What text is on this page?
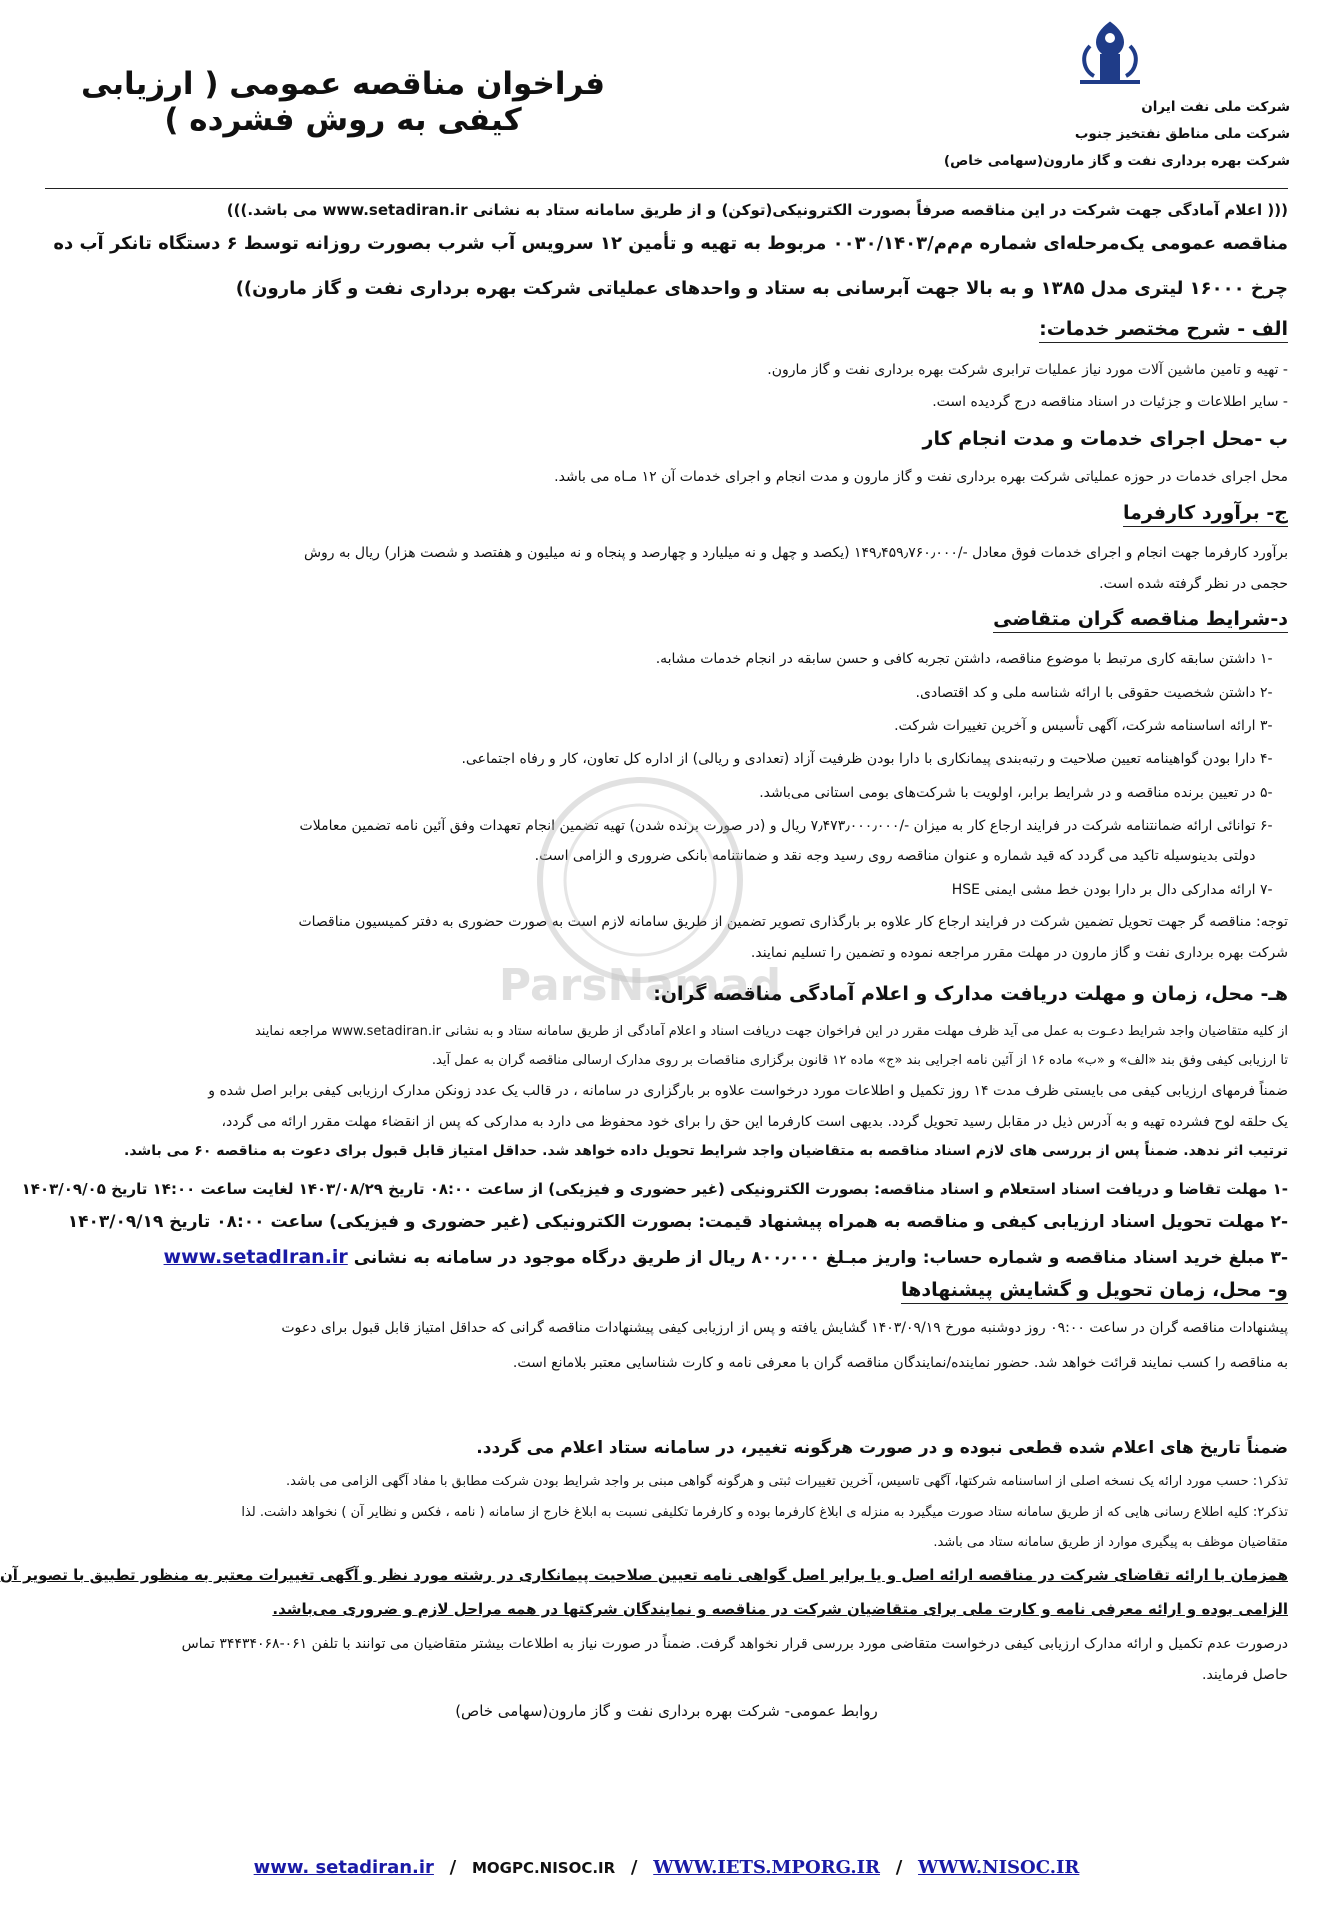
فراخوان مناقصه عمومی ( ارزیابی کیفی به روش فشرده )	شرکت ملی نفت ایران
شرکت ملی مناطق نفتخیز جنوب
شرکت بهره برداری نفت و گاز مارون(سهامی خاص)
((( اعلام آمادگی جهت شرکت در این مناقصه صرفاً بصورت الکترونیکی(توکن) و از طریق سامانه ستاد به نشانی www.setadiran.ir می باشد.)))
مناقصه عمومی یک‌مرحله‌ای شماره م‌م‌م/۰۰۳۰/۱۴۰۳ مربوط به تهیه و تأمین ۱۲ سرویس آب شرب بصورت روزانه توسط ۶ دستگاه تانکر آب ده
چرخ ۱۶۰۰۰ لیتری مدل ۱۳۸۵ و به بالا جهت آبرسانی به ستاد و واحدهای عملیاتی شرکت بهره برداری نفت و گاز مارون))
الف - شرح مختصر خدمات:
- تهیه و تامین ماشین آلات مورد نیاز عملیات ترابری شرکت بهره برداری نفت و گاز مارون.
- سایر اطلاعات و جزئیات در اسناد مناقصه درج گردیده است.
ب -محل اجرای خدمات و مدت انجام کار
محل اجرای خدمات در حوزه عملیاتی شرکت بهره برداری نفت و گاز مارون و مدت انجام و اجرای خدمات آن ۱۲ مـاه می باشد.
ج- برآورد کارفرما
برآورد کارفرما جهت انجام و اجرای خدمات فوق معادل -/۱۴۹٫۴۵۹٫۷۶۰٫۰۰۰ (یکصد و چهل و نه میلیارد و چهارصد و پنجاه و نه میلیون و هفتصد و شصت هزار) ریال به روش
حجمی در نظر گرفته شده است.
د-شرایط مناقصه گران متقاضی
-۱ داشتن سابقه کاری مرتبط با موضوع مناقصه، داشتن تجربه کافی و حسن سابقه در انجام خدمات مشابه.
-۲ داشتن شخصیت حقوقی با ارائه شناسه ملی و کد اقتصادی.
-۳ ارائه اساسنامه شرکت، آگهی تأسیس و آخرین تغییرات شرکت.
-۴ دارا بودن گواهینامه تعیین صلاحیت و رتبه‌بندی پیمانکاری با دارا بودن ظرفیت آزاد (تعدادی و ریالی) از اداره کل تعاون، کار و رفاه اجتماعی.
-۵ در تعیین برنده مناقصه و در شرایط برابر، اولویت با شرکت‌های بومی استانی می‌باشد.
-۶ توانائی ارائه ضمانتنامه شرکت در فرایند ارجاع کار به میزان -/۷٫۴۷۳٫۰۰۰٫۰۰۰ ریال و (در صورت برنده شدن) تهیه تضمین انجام تعهدات وفق آئین نامه تضمین معاملات
دولتی بدینوسیله تاکید می گردد که قید شماره و عنوان مناقصه روی رسید وجه نقد و ضمانتنامه بانکی ضروری و الزامی است.
-۷ ارائه مدارکی دال بر دارا بودن خط مشی ایمنی HSE
توجه: مناقصه گر جهت تحویل تضمین شرکت در فرایند ارجاع کار علاوه بر بارگذاری تصویر تضمین از طریق سامانه لازم است به صورت حضوری به دفتر کمیسیون مناقصات
شرکت بهره برداری نفت و گاز مارون در مهلت مقرر مراجعه نموده و تضمین را تسلیم نمایند.
ParsNamad
هـ- محل، زمان و مهلت دریافت مدارک و اعلام آمادگی مناقصه گران:
از کلیه متقاضیان واجد شرایط دعـوت به عمل می آید ظرف مهلت مقرر در این فراخوان جهت دریافت اسناد و اعلام آمادگی از طریق سامانه ستاد و به نشانی www.setadiran.ir مراجعه نمایند
تا ارزیابی کیفی وفق بند «الف» و «ب» ماده ۱۶ از آئین نامه اجرایی بند «ج» ماده ۱۲ قانون برگزاری مناقصات بر روی مدارک ارسالی مناقصه گران به عمل آید.
ضمناً فرمهای ارزیابی کیفی می بایستی ظرف مدت ۱۴ روز تکمیل و اطلاعات مورد درخواست علاوه بر بارگزاری در سامانه ، در قالب یک عدد زونکن مدارک ارزیابی کیفی برابر اصل شده و
یک حلقه لوح فشرده تهیه و به آدرس ذیل در مقابل رسید تحویل گردد. بدیهی است کارفرما این حق را برای خود محفوظ می دارد به مدارکی که پس از انقضاء مهلت مقرر ارائه می گردد،
ترتیب اثر ندهد. ضمناً پس از بررسی های لازم اسناد مناقصه به متقاضیان واجد شرایط تحویل داده خواهد شد. حداقل امتیاز قابل قبول برای دعوت به مناقصه ۶۰ می باشد.
-۱ مهلت تقاضا و دریافت اسناد استعلام و اسناد مناقصه: بصورت الکترونیکی (غیر حضوری و فیزیکی) از ساعت ۰۸:۰۰ تاریخ ۱۴۰۳/۰۸/۲۹ لغایت ساعت ۱۴:۰۰ تاریخ ۱۴۰۳/۰۹/۰۵
-۲ مهلت تحویل اسناد ارزیابی کیفی و مناقصه به همراه پیشنهاد قیمت: بصورت الکترونیکی (غیر حضوری و فیزیکی) ساعت ۰۸:۰۰ تاریخ ۱۴۰۳/۰۹/۱۹
-۳ مبلغ خرید اسناد مناقصه و شماره حساب: واریز مبـلغ ۸۰۰٫۰۰۰ ریال از طریق درگاه موجود در سامانه به نشانی www.setadIran.ir
و- محل، زمان تحویل و گشایش پیشنهادها
پیشنهادات مناقصه گران در ساعت ۰۹:۰۰ روز دوشنبه مورخ ۱۴۰۳/۰۹/۱۹ گشایش یافته و پس از ارزیابی کیفی پیشنهادات مناقصه گرانی که حداقل امتیاز قابل قبول برای دعوت
به مناقصه را کسب نمایند قرائت خواهد شد. حضور نماینده/نمایندگان مناقصه گران با معرفی نامه و کارت شناسایی معتبر بلامانع است.
ضمناً تاریخ های اعلام شده قطعی نبوده و در صورت هرگونه تغییر، در سامانه ستاد اعلام می گردد.
تذکر۱: حسب مورد ارائه یک نسخه اصلی از اساسنامه شرکتها، آگهی تاسیس، آخرین تغییرات ثبتی و هرگونه گواهی مبنی بر واجد شرایط بودن شرکت مطابق با مفاد آگهی الزامی می باشد.
تذکر۲: کلیه اطلاع رسانی هایی که از طریق سامانه ستاد صورت میگیرد به منزله ی ابلاغ کارفرما بوده و کارفرما تکلیفی نسبت به ابلاغ خارج از سامانه ( نامه ، فکس و نظایر آن ) نخواهد داشت. لذا
متقاضیان موظف به پیگیری موارد از طریق سامانه ستاد می باشد.
همزمان با ارائه تقاضای شرکت در مناقصه ارائه اصل و یا برابر اصل گواهی نامه تعیین صلاحیت پیمانکاری در رشته مورد نظر و آگهی تغییرات معتبر به منظور تطبیق با تصویر آن
الزامی بوده و ارائه معرفی نامه و کارت ملی برای متقاضیان شرکت در مناقصه و نمایندگان شرکتها در همه مراحل لازم و ضروری می‌باشد.
درصورت عدم تکمیل و ارائه مدارک ارزیابی کیفی درخواست متقاضی مورد بررسی قرار نخواهد گرفت. ضمناً در صورت نیاز به اطلاعات بیشتر متقاضیان می توانند با تلفن ۰۶۱-۳۴۴۳۴۰۶۸ تماس
حاصل فرمایند.
روابط عمومی- شرکت بهره برداری نفت و گاز مارون(سهامی خاص)
www. setadiran.ir / MOGPC.NISOC.IR / WWW.IETS.MPORG.IR / WWW.NISOC.IR
